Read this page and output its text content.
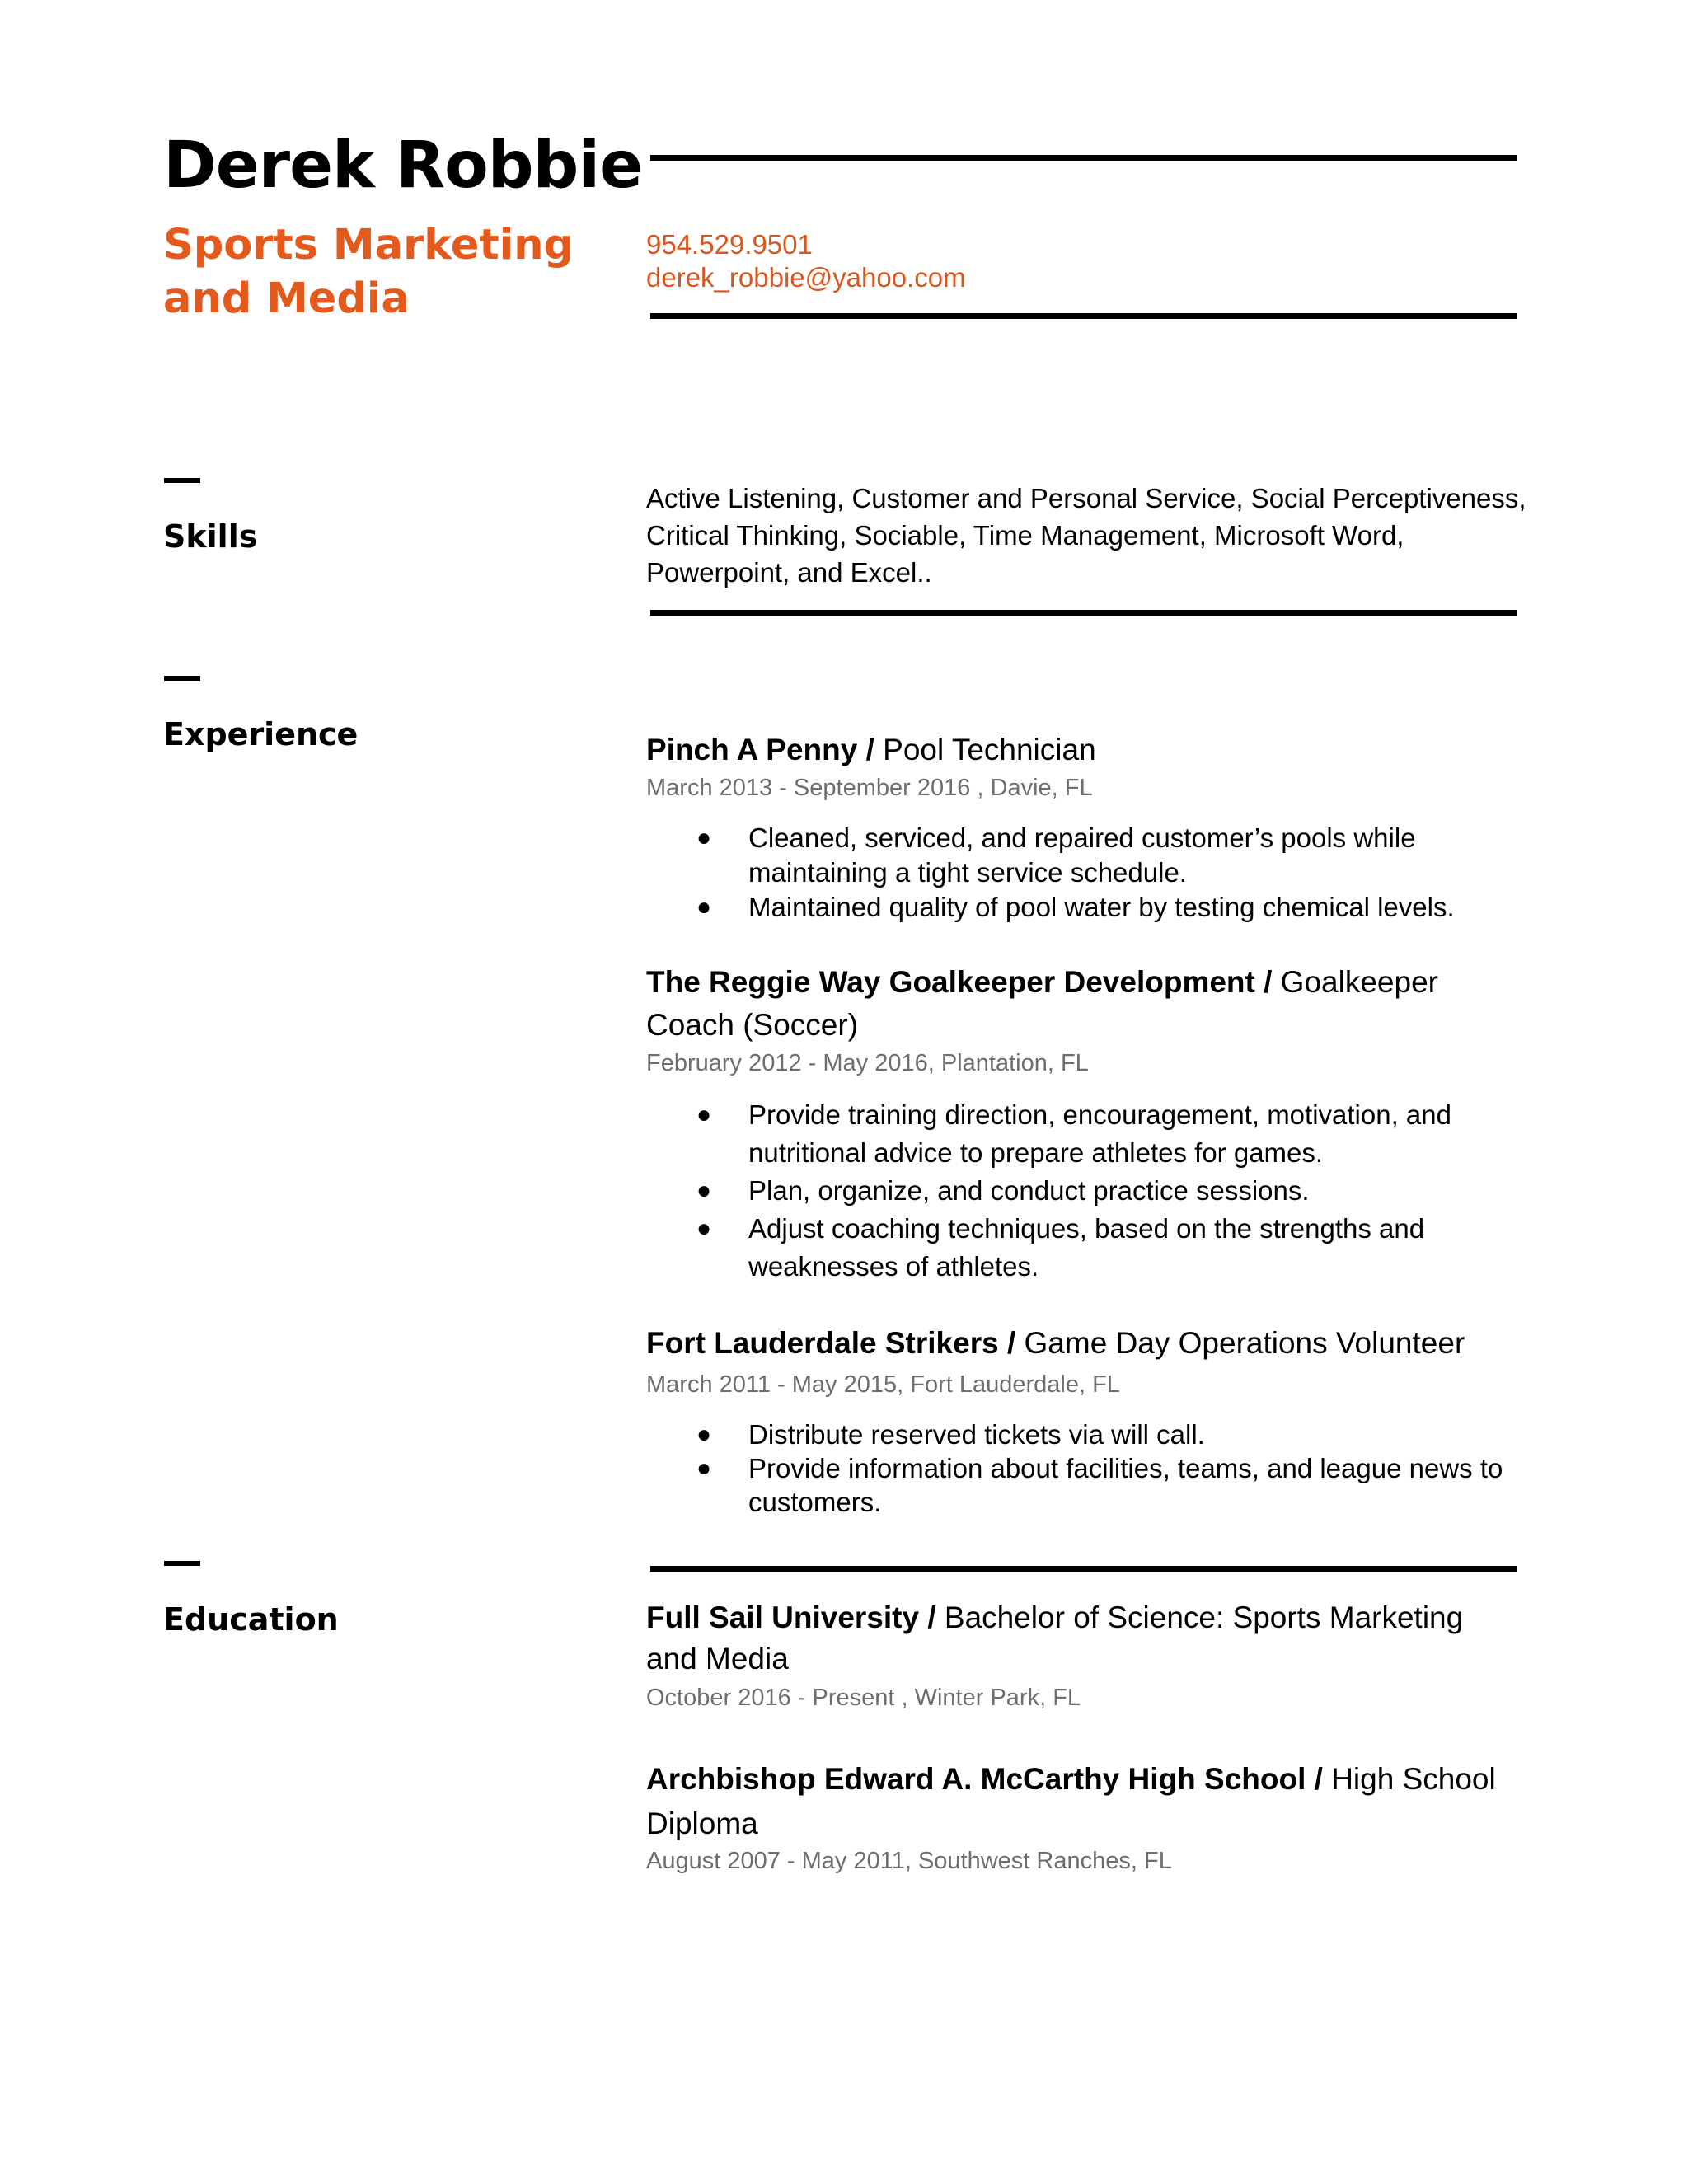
Derek Robbie
Sports Marketing and Media
954.529.9501
derek_robbie@yahoo.com
Skills
Active Listening, Customer and Personal Service, Social Perceptiveness, Critical Thinking, Sociable, Time Management, Microsoft Word, Powerpoint, and Excel..
Experience	Pinch A Penny / Pool Technician
March 2013 - September 2016 , Davie, FL
● Cleaned, serviced, and repaired customer’s pools while maintaining a tight service schedule.
● Maintained quality of pool water by testing chemical levels.
The Reggie Way Goalkeeper Development / Goalkeeper Coach (Soccer)
February 2012 - May 2016, Plantation, FL
● Provide training direction, encouragement, motivation, and nutritional advice to prepare athletes for games.
● Plan, organize, and conduct practice sessions.
● Adjust coaching techniques, based on the strengths and weaknesses of athletes.
Fort Lauderdale Strikers / Game Day Operations Volunteer
March 2011 - May 2015, Fort Lauderdale, FL
● Distribute reserved tickets via will call.
● Provide information about facilities, teams, and league news to customers.
Education	Full Sail University / Bachelor of Science: Sports Marketing and Media
October 2016 - Present , Winter Park, FL
Archbishop Edward A. McCarthy High School / High School Diploma
August 2007 - May 2011, Southwest Ranches, FL
